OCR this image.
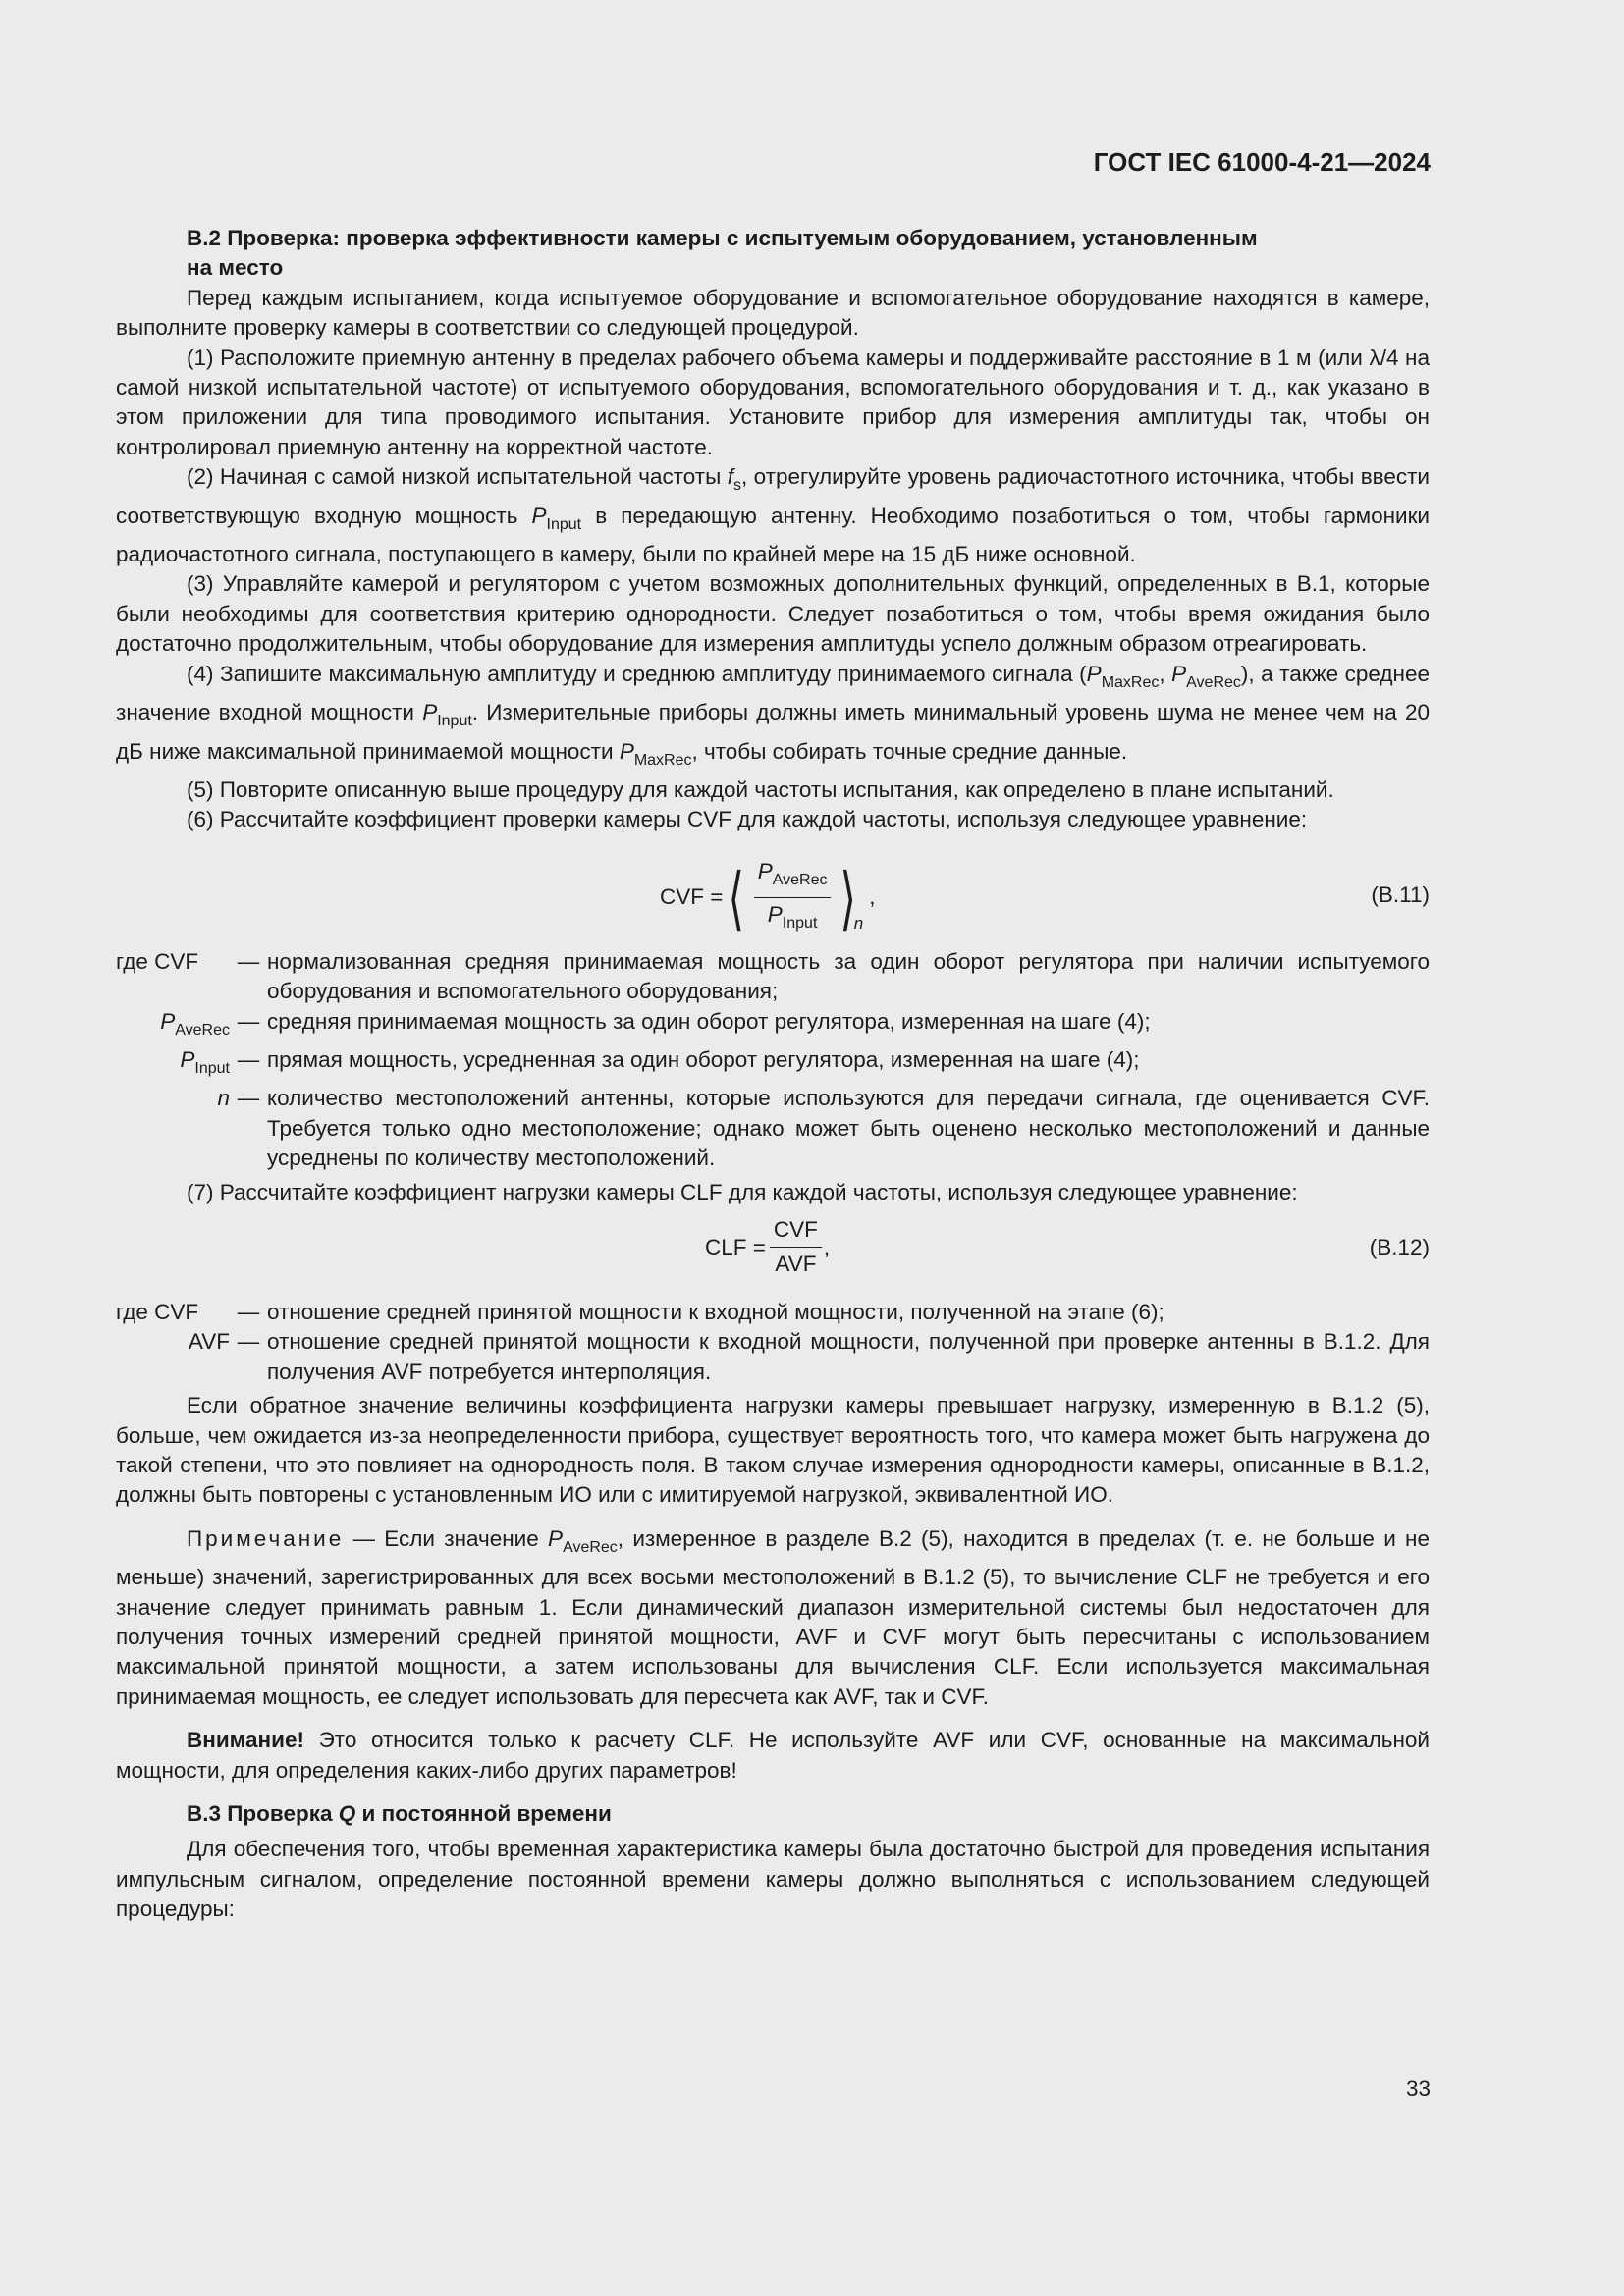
ГОСТ IEC 61000-4-21—2024

B.2 Проверка: проверка эффективности камеры с испытуемым оборудованием, установленным
на место

Перед каждым испытанием, когда испытуемое оборудование и вспомогательное оборудование находятся в камере, выполните проверку камеры в соответствии со следующей процедурой.

(1) Расположите приемную антенну в пределах рабочего объема камеры и поддерживайте расстояние в 1 м (или λ/4 на самой низкой испытательной частоте) от испытуемого оборудования, вспомогательного оборудования и т. д., как указано в этом приложении для типа проводимого испытания. Установите прибор для измерения амплитуды так, чтобы он контролировал приемную антенну на корректной частоте.

(2) Начиная с самой низкой испытательной частоты $f_s$, отрегулируйте уровень радиочастотного источника, чтобы ввести соответствующую входную мощность $P_{Input}$ в передающую антенну. Необходимо позаботиться о том, чтобы гармоники радиочастотного сигнала, поступающего в камеру, были по крайней мере на 15 дБ ниже основной.

(3) Управляйте камерой и регулятором с учетом возможных дополнительных функций, определенных в B.1, которые были необходимы для соответствия критерию однородности. Следует позаботиться о том, чтобы время ожидания было достаточно продолжительным, чтобы оборудование для измерения амплитуды успело должным образом отреагировать.

(4) Запишите максимальную амплитуду и среднюю амплитуду принимаемого сигнала ($P_{MaxRec}$, $P_{AveRec}$), а также среднее значение входной мощности $P_{Input}$. Измерительные приборы должны иметь минимальный уровень шума не менее чем на 20 дБ ниже максимальной принимаемой мощности $P_{MaxRec}$, чтобы собирать точные средние данные.

(5) Повторите описанную выше процедуру для каждой частоты испытания, как определено в плане испытаний.

(6) Рассчитайте коэффициент проверки камеры CVF для каждой частоты, используя следующее уравнение:

CVF = ⟨ $\frac{P_{AveRec}}{P_{Input}}$ ⟩
n
,	(B.11)
где CVF	— нормализованная средняя принимаемая мощность за один оборот регулятора при наличии испытуемого оборудования и вспомогательного оборудования;
$P_{AveRec}$ — средняя принимаемая мощность за один оборот регулятора, измеренная на шаге (4);
$P_{Input}$ — прямая мощность, усредненная за один оборот регулятора, измеренная на шаге (4);
n — количество местоположений антенны, которые используются для передачи сигнала, где оценивается CVF. Требуется только одно местоположение; однако может быть оценено несколько местоположений и данные усреднены по количеству местоположений.

(7) Рассчитайте коэффициент нагрузки камеры CLF для каждой частоты, используя следующее уравнение:

CLF = $\frac{\text{CVF}}{\text{AVF}}$ ,	(B.12)
где CVF	— отношение средней принятой мощности к входной мощности, полученной на этапе (6);
AVF — отношение средней принятой мощности к входной мощности, полученной при проверке антенны в B.1.2. Для получения AVF потребуется интерполяция.

Если обратное значение величины коэффициента нагрузки камеры превышает нагрузку, измеренную в B.1.2 (5), больше, чем ожидается из-за неопределенности прибора, существует вероятность того, что камера может быть нагружена до такой степени, что это повлияет на однородность поля. В таком случае измерения однородности камеры, описанные в B.1.2, должны быть повторены с установленным ИО или с имитируемой нагрузкой, эквивалентной ИО.

Примечание — Если значение $P_{AveRec}$, измеренное в разделе B.2 (5), находится в пределах (т. е. не больше и не меньше) значений, зарегистрированных для всех восьми местоположений в B.1.2 (5), то вычисление CLF не требуется и его значение следует принимать равным 1. Если динамический диапазон измерительной системы был недостаточен для получения точных измерений средней принятой мощности, AVF и CVF могут быть пересчитаны с использованием максимальной принятой мощности, а затем использованы для вычисления CLF. Если используется максимальная принимаемая мощность, ее следует использовать для пересчета как AVF, так и CVF.

Внимание! Это относится только к расчету CLF. Не используйте AVF или CVF, основанные на максимальной мощности, для определения каких-либо других параметров!

B.3 Проверка Q и постоянной времени

Для обеспечения того, чтобы временная характеристика камеры была достаточно быстрой для проведения испытания импульсным сигналом, определение постоянной времени камеры должно выполняться с использованием следующей процедуры:

33
